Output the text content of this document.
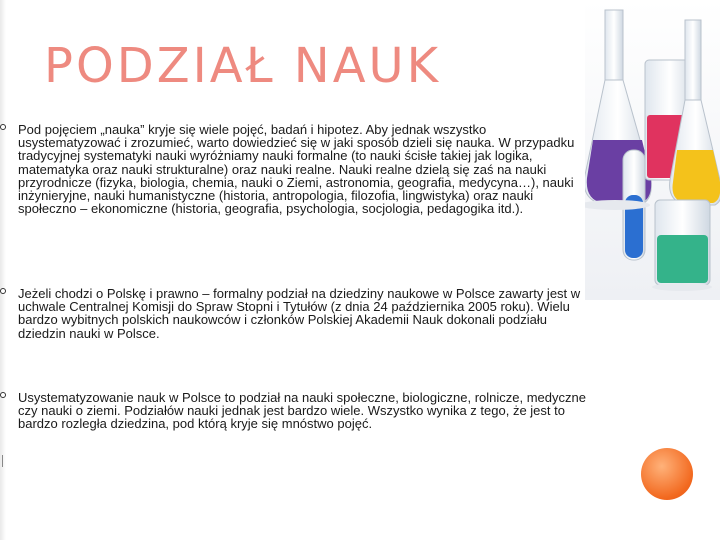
PODZIAŁ NAUK
Pod pojęciem „nauka” kryje się wiele pojęć, badań i hipotez. Aby jednak wszystko usystematyzować i zrozumieć, warto dowiedzieć się w jaki sposób dzieli się nauka. W przypadku tradycyjnej systematyki nauki wyróżniamy nauki formalne (to nauki ścisłe takiej jak logika, matematyka oraz nauki strukturalne) oraz nauki realne. Nauki realne dzielą się zaś na nauki przyrodnicze (fizyka, biologia, chemia, nauki o Ziemi, astronomia, geografia, medycyna…), nauki inżynieryjne, nauki humanistyczne (historia, antropologia, filozofia, lingwistyka) oraz nauki społeczno – ekonomiczne (historia, geografia, psychologia, socjologia, pedagogika itd.).
Jeżeli chodzi o Polskę i prawno – formalny podział na dziedziny naukowe w Polsce zawarty jest w uchwale Centralnej Komisji do Spraw Stopni i Tytułów (z dnia 24 października 2005 roku). Wielu bardzo wybitnych polskich naukowców i członków Polskiej Akademii Nauk dokonali podziału dziedzin nauki w Polsce.
Usystematyzowanie nauk w Polsce to podział na nauki społeczne, biologiczne, rolnicze, medyczne czy nauki o ziemi. Podziałów nauki jednak jest bardzo wiele. Wszystko wynika z tego, że jest to bardzo rozległa dziedzina, pod którą kryje się mnóstwo pojęć.
